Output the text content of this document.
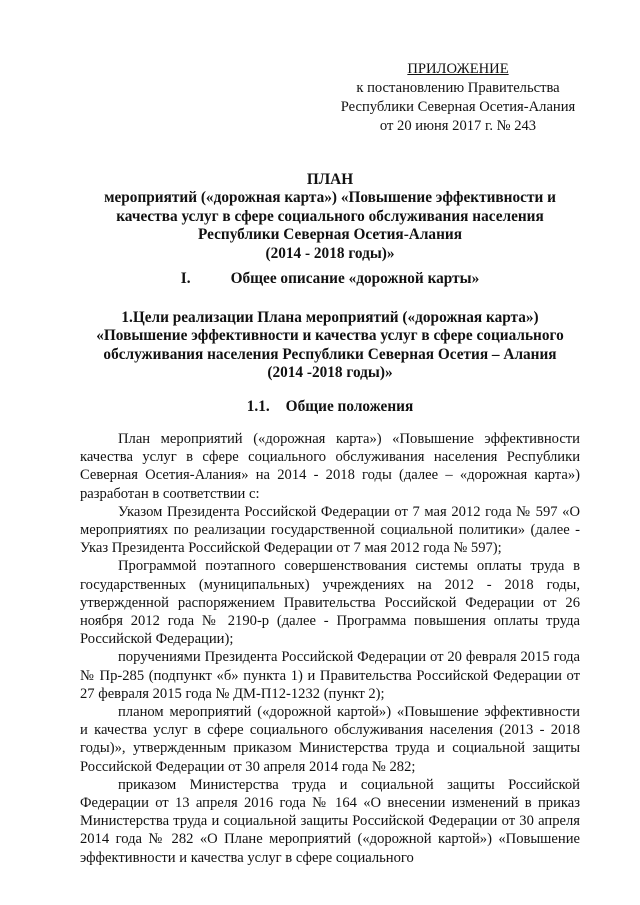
ПРИЛОЖЕНИЕ
к постановлению Правительства
Республики Северная Осетия-Алания
от 20 июня 2017 г. № 243
ПЛАН
мероприятий («дорожная карта») «Повышение эффективности и
качества услуг в сфере социального обслуживания населения
Республики Северная Осетия-Алания
(2014 - 2018 годы)»
I.	Общее описание «дорожной карты»
1.Цели реализации Плана мероприятий («дорожная карта»)
«Повышение эффективности и качества услуг в сфере социального
обслуживания населения Республики Северная Осетия – Алания
(2014 -2018 годы)»
1.1. Общие положения

План мероприятий («дорожная карта») «Повышение эффективности качества услуг в сфере социального обслуживания населения Республики Северная Осетия-Алания» на 2014 - 2018 годы (далее – «дорожная карта») разработан в соответствии с:

Указом Президента Российской Федерации от 7 мая 2012 года № 597 «О мероприятиях по реализации государственной социальной политики» (далее - Указ Президента Российской Федерации от 7 мая 2012 года № 597);

Программой поэтапного совершенствования системы оплаты труда в государственных (муниципальных) учреждениях на 2012 - 2018 годы, утвержденной распоряжением Правительства Российской Федерации от 26 ноября 2012 года № 2190-р (далее - Программа повышения оплаты труда Российской Федерации);

поручениями Президента Российской Федерации от 20 февраля 2015 года № Пр-285 (подпункт «б» пункта 1) и Правительства Российской Федерации от 27 февраля 2015 года № ДМ-П12-1232 (пункт 2);

планом мероприятий («дорожной картой») «Повышение эффективности и качества услуг в сфере социального обслуживания населения (2013 - 2018 годы)», утвержденным приказом Министерства труда и социальной защиты Российской Федерации от 30 апреля 2014 года № 282;

приказом Министерства труда и социальной защиты Российской Федерации от 13 апреля 2016 года № 164 «О внесении изменений в приказ Министерства труда и социальной защиты Российской Федерации от 30 апреля 2014 года № 282 «О Плане мероприятий («дорожной картой») «Повышение эффективности и качества услуг в сфере социального
